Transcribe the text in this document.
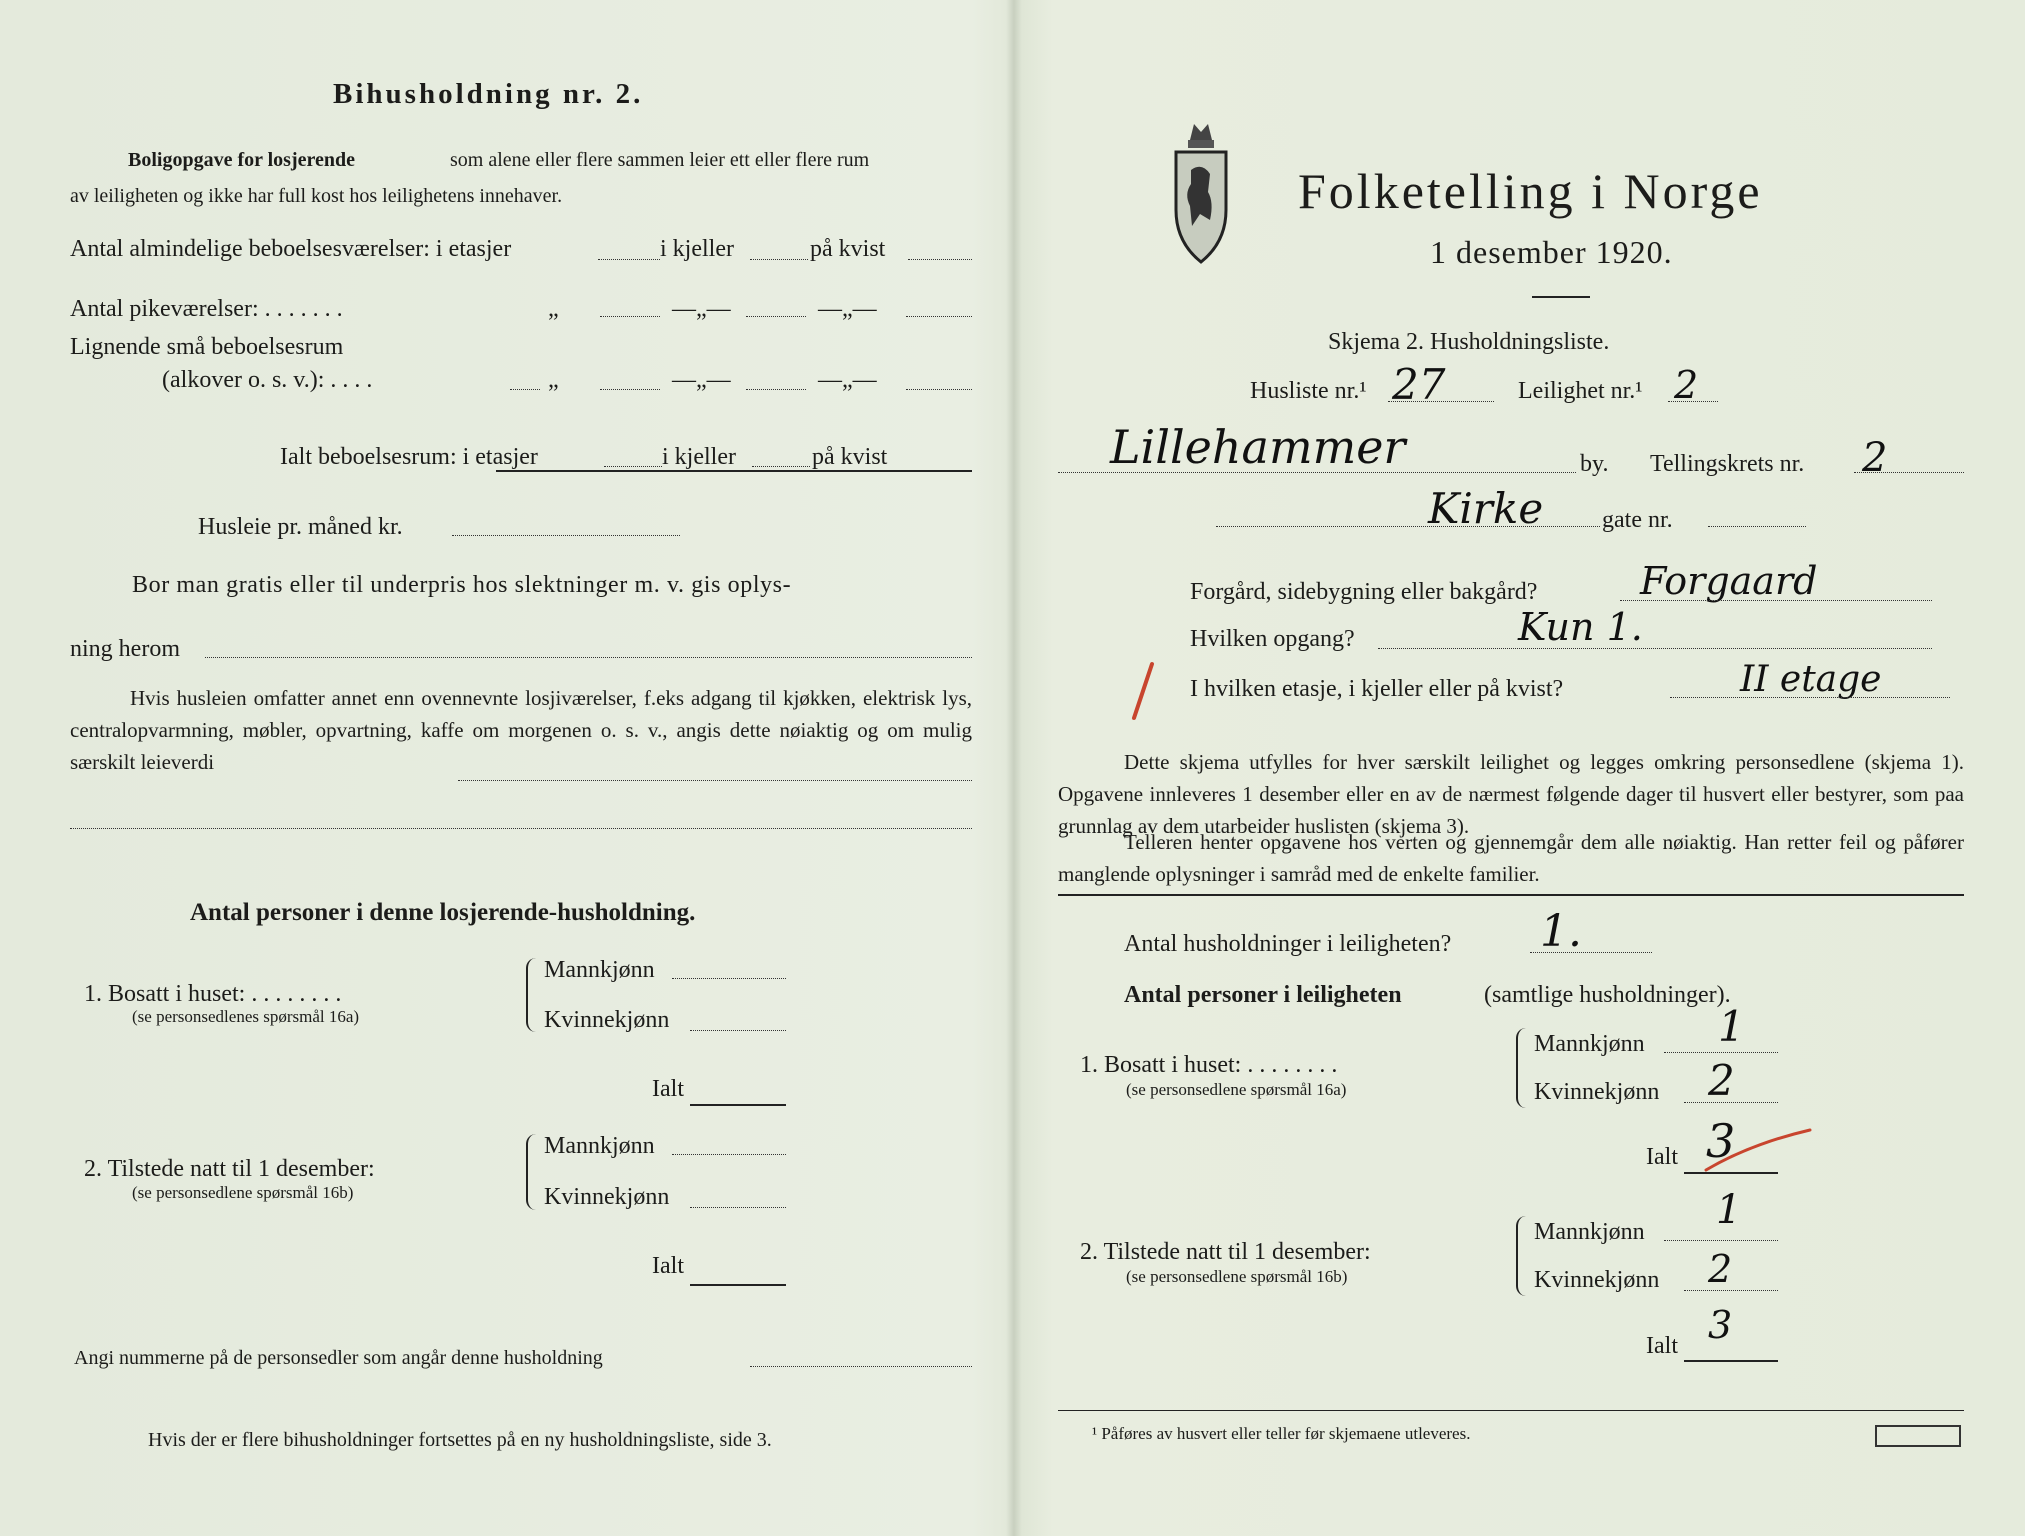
Bihusholdning nr. 2.
Boligopgave for losjerende	som alene eller flere sammen leier ett eller flere rum
av leiligheten og ikke har full kost hos leilighetens innehaver.
Antal almindelige beboelsesværelser: i etasjer	i kjeller	på kvist
Antal pikeværelser: . . . . . . .	„	—„—	—„—
Lignende små beboelsesrum
(alkover o. s. v.): . . . .	„	—„—	—„—
Ialt beboelsesrum: i etasjer	i kjeller	på kvist
Husleie pr. måned kr.
Bor man gratis eller til underpris hos slektninger m. v. gis oplys-
ning herom
Hvis husleien omfatter annet enn ovennevnte losjiværelser, f.eks adgang til kjøkken, elektrisk lys, centralopvarmning, møbler, opvartning, kaffe om morgenen o. s. v., angis dette nøiaktig og om mulig særskilt leieverdi
Antal personer i denne losjerende-husholdning.
1. Bosatt i huset: . . . . . . . .
(se personsedlenes spørsmål 16a)
Mannkjønn
Kvinnekjønn
Ialt
2. Tilstede natt til 1 desember:
(se personsedlene spørsmål 16b)
Mannkjønn
Kvinnekjønn
Ialt
Angi nummerne på de personsedler som angår denne husholdning
Hvis der er flere bihusholdninger fortsettes på en ny husholdningsliste, side 3.
Folketelling i Norge
1 desember 1920.
Skjema 2. Husholdningsliste.
Husliste nr.¹ 27	Leilighet nr.¹ 2
Lillehammer	by. Tellingskrets nr. 2
Kirke gate nr.
Forgård, sidebygning eller bakgård?	Forgaard
Hvilken opgang?	Kun 1.
I hvilken etasje, i kjeller eller på kvist?	II etage
Dette skjema utfylles for hver særskilt leilighet og legges omkring personsedlene (skjema 1). Opgavene innleveres 1 desember eller en av de nærmest følgende dager til husvert eller bestyrer, som paa grunnlag av dem utarbeider huslisten (skjema 3).
Telleren henter opgavene hos verten og gjennemgår dem alle nøiaktig. Han retter feil og påfører manglende oplysninger i samråd med de enkelte familier.
Antal husholdninger i leiligheten? 1.
Antal personer i leiligheten	(samtlige husholdninger).
1. Bosatt i huset: . . . . . . . .
(se personsedlene spørsmål 16a)
Mannkjønn 1
Kvinnekjønn 2
Ialt 3
2. Tilstede natt til 1 desember:
(se personsedlene spørsmål 16b)
Mannkjønn 1
Kvinnekjønn 2
Ialt 3
¹ Påføres av husvert eller teller før skjemaene utleveres.
